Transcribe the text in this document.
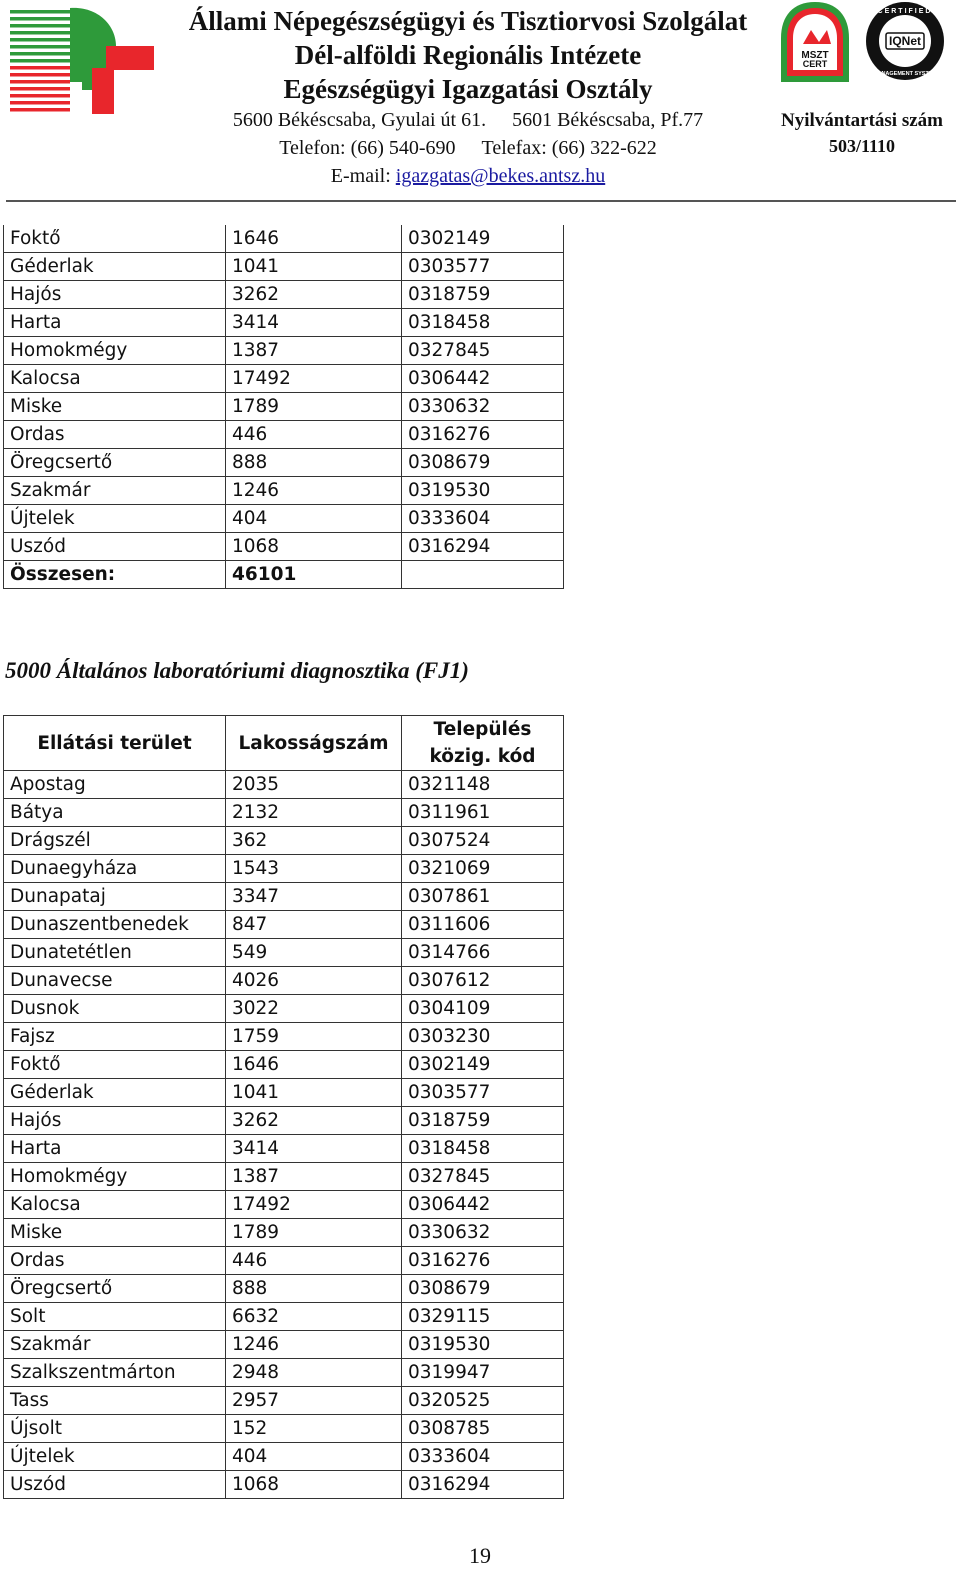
Állami Népegészségügyi és Tisztiorvosi Szolgálat
Dél-alföldi Regionális Intézete
Egészségügyi Igazgatási Osztály
5600 Békéscsaba, Gyulai út 61. 5601 Békéscsaba, Pf.77
Telefon: (66) 540-690 Telefax: (66) 322-622
E-mail: igazgatas@bekes.antsz.hu
MSZT
CERT
IQNet
CERTIFIED
MANAGEMENT SYSTEM
Nyilvántartási szám
503/1110
Foktő	1646	0302149
Géderlak	1041	0303577
Hajós	3262	0318759
Harta	3414	0318458
Homokmégy	1387	0327845
Kalocsa	17492	0306442
Miske	1789	0330632
Ordas	446	0316276
Öregcsertő	888	0308679
Szakmár	1246	0319530
Újtelek	404	0333604
Uszód	1068	0316294
Összesen:	46101	
5000 Általános laboratóriumi diagnosztika (FJ1)
Ellátási terület	Lakosságszám	Település
közig. kód

Apostag	2035	0321148
Bátya	2132	0311961
Drágszél	362	0307524
Dunaegyháza	1543	0321069
Dunapataj	3347	0307861
Dunaszentbenedek	847	0311606
Dunatetétlen	549	0314766
Dunavecse	4026	0307612
Dusnok	3022	0304109
Fajsz	1759	0303230
Foktő	1646	0302149
Géderlak	1041	0303577
Hajós	3262	0318759
Harta	3414	0318458
Homokmégy	1387	0327845
Kalocsa	17492	0306442
Miske	1789	0330632
Ordas	446	0316276
Öregcsertő	888	0308679
Solt	6632	0329115
Szakmár	1246	0319530
Szalkszentmárton	2948	0319947
Tass	2957	0320525
Újsolt	152	0308785
Újtelek	404	0333604
Uszód	1068	0316294
19
